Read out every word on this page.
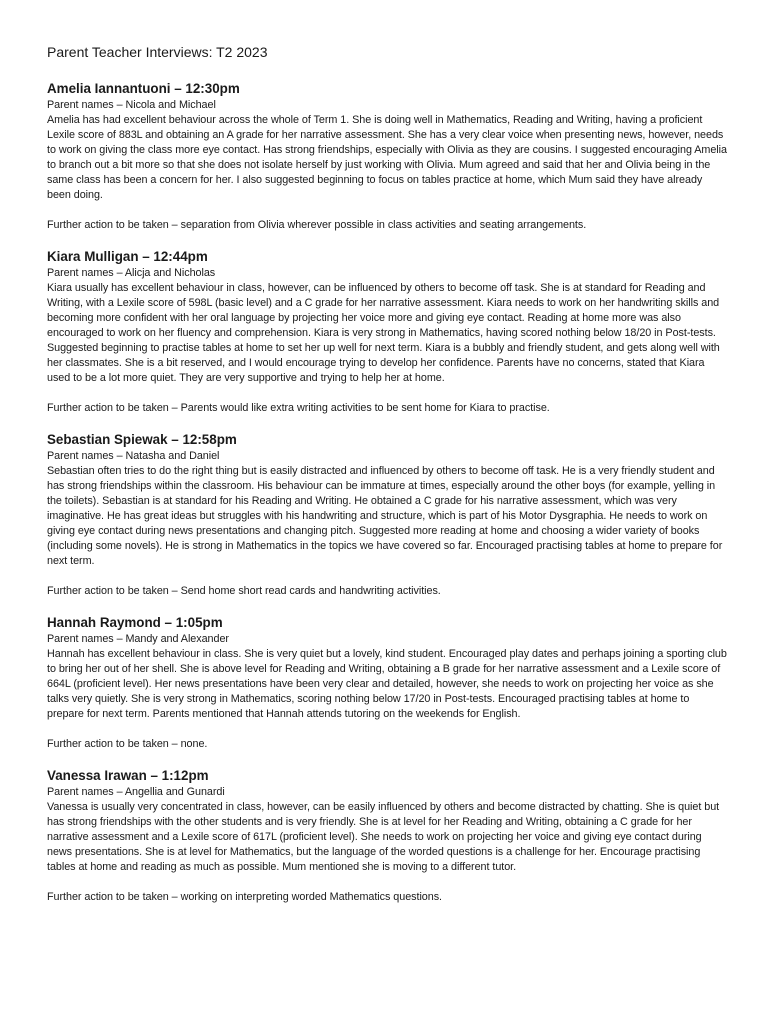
Parent Teacher Interviews: T2 2023
Amelia Iannantuoni – 12:30pm

Parent names – Nicola and Michael

Amelia has had excellent behaviour across the whole of Term 1. She is doing well in Mathematics, Reading and Writing, having a proficient Lexile score of 883L and obtaining an A grade for her narrative assessment. She has a very clear voice when presenting news, however, needs to work on giving the class more eye contact. Has strong friendships, especially with Olivia as they are cousins. I suggested encouraging Amelia to branch out a bit more so that she does not isolate herself by just working with Olivia. Mum agreed and said that her and Olivia being in the same class has been a concern for her. I also suggested beginning to focus on tables practice at home, which Mum said they have already been doing.

Further action to be taken – separation from Olivia wherever possible in class activities and seating arrangements.

Kiara Mulligan – 12:44pm

Parent names – Alicja and Nicholas

Kiara usually has excellent behaviour in class, however, can be influenced by others to become off task. She is at standard for Reading and Writing, with a Lexile score of 598L (basic level) and a C grade for her narrative assessment. Kiara needs to work on her handwriting skills and becoming more confident with her oral language by projecting her voice more and giving eye contact. Reading at home more was also encouraged to work on her fluency and comprehension. Kiara is very strong in Mathematics, having scored nothing below 18/20 in Post-tests. Suggested beginning to practise tables at home to set her up well for next term. Kiara is a bubbly and friendly student, and gets along well with her classmates. She is a bit reserved, and I would encourage trying to develop her confidence. Parents have no concerns, stated that Kiara used to be a lot more quiet. They are very supportive and trying to help her at home.

Further action to be taken – Parents would like extra writing activities to be sent home for Kiara to practise.

Sebastian Spiewak – 12:58pm

Parent names – Natasha and Daniel

Sebastian often tries to do the right thing but is easily distracted and influenced by others to become off task. He is a very friendly student and has strong friendships within the classroom. His behaviour can be immature at times, especially around the other boys (for example, yelling in the toilets). Sebastian is at standard for his Reading and Writing. He obtained a C grade for his narrative assessment, which was very imaginative. He has great ideas but struggles with his handwriting and structure, which is part of his Motor Dysgraphia. He needs to work on giving eye contact during news presentations and changing pitch. Suggested more reading at home and choosing a wider variety of books (including some novels). He is strong in Mathematics in the topics we have covered so far. Encouraged practising tables at home to prepare for next term.

Further action to be taken – Send home short read cards and handwriting activities.

Hannah Raymond – 1:05pm

Parent names – Mandy and Alexander

Hannah has excellent behaviour in class. She is very quiet but a lovely, kind student. Encouraged play dates and perhaps joining a sporting club to bring her out of her shell. She is above level for Reading and Writing, obtaining a B grade for her narrative assessment and a Lexile score of 664L (proficient level). Her news presentations have been very clear and detailed, however, she needs to work on projecting her voice as she talks very quietly. She is very strong in Mathematics, scoring nothing below 17/20 in Post-tests. Encouraged practising tables at home to prepare for next term. Parents mentioned that Hannah attends tutoring on the weekends for English.

Further action to be taken – none.

Vanessa Irawan – 1:12pm

Parent names – Angellia and Gunardi

Vanessa is usually very concentrated in class, however, can be easily influenced by others and become distracted by chatting. She is quiet but has strong friendships with the other students and is very friendly. She is at level for her Reading and Writing, obtaining a C grade for her narrative assessment and a Lexile score of 617L (proficient level). She needs to work on projecting her voice and giving eye contact during news presentations. She is at level for Mathematics, but the language of the worded questions is a challenge for her. Encourage practising tables at home and reading as much as possible. Mum mentioned she is moving to a different tutor.

Further action to be taken – working on interpreting worded Mathematics questions.
